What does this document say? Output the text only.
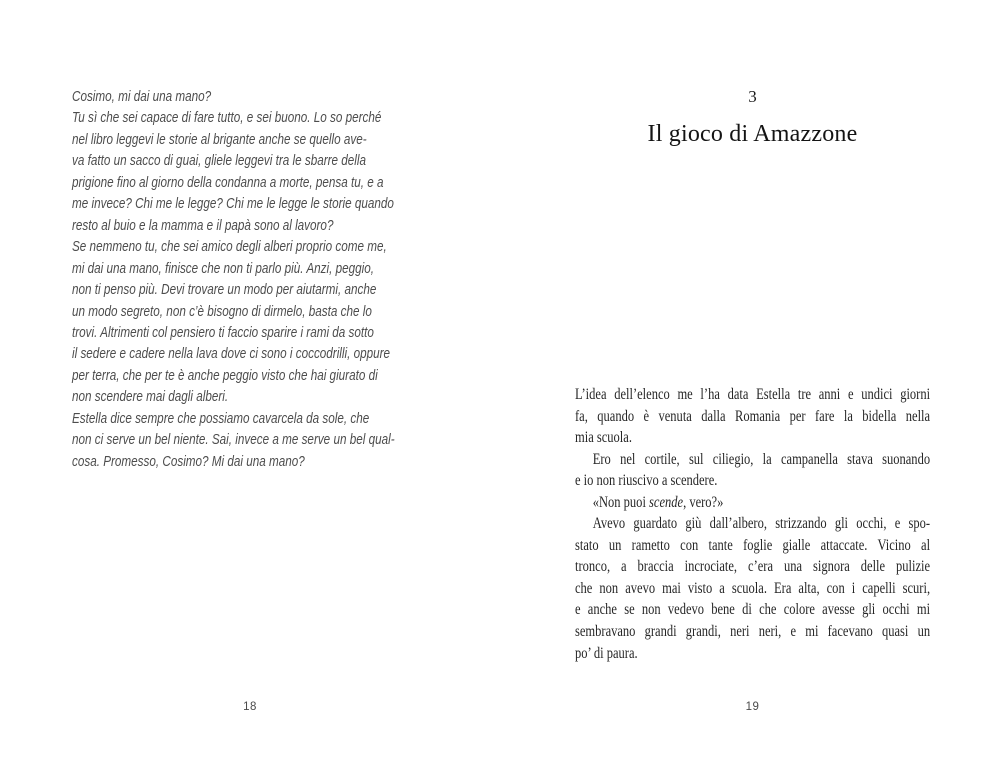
Cosimo, mi dai una mano?
Tu sì che sei capace di fare tutto, e sei buono. Lo so perché
nel libro leggevi le storie al brigante anche se quello ave-
va fatto un sacco di guai, gliele leggevi tra le sbarre della
prigione fino al giorno della condanna a morte, pensa tu, e a
me invece? Chi me le legge? Chi me le legge le storie quando
resto al buio e la mamma e il papà sono al lavoro?
Se nemmeno tu, che sei amico degli alberi proprio come me,
mi dai una mano, finisce che non ti parlo più. Anzi, peggio,
non ti penso più. Devi trovare un modo per aiutarmi, anche
un modo segreto, non c’è bisogno di dirmelo, basta che lo
trovi. Altrimenti col pensiero ti faccio sparire i rami da sotto
il sedere e cadere nella lava dove ci sono i coccodrilli, oppure
per terra, che per te è anche peggio visto che hai giurato di
non scendere mai dagli alberi.
Estella dice sempre che possiamo cavarcela da sole, che
non ci serve un bel niente. Sai, invece a me serve un bel qual-
cosa. Promesso, Cosimo? Mi dai una mano?
18
3
Il gioco di Amazzone
L’idea dell’elenco me l’ha data Estella tre anni e undici giorni
fa, quando è venuta dalla Romania per fare la bidella nella
mia scuola.
Ero nel cortile, sul ciliegio, la campanella stava suonando
e io non riuscivo a scendere.
«Non puoi scende, vero?»
Avevo guardato giù dall’albero, strizzando gli occhi, e spo-
stato un rametto con tante foglie gialle attaccate. Vicino al
tronco, a braccia incrociate, c’era una signora delle pulizie
che non avevo mai visto a scuola. Era alta, con i capelli scuri,
e anche se non vedevo bene di che colore avesse gli occhi mi
sembravano grandi grandi, neri neri, e mi facevano quasi un
po’ di paura.
19
